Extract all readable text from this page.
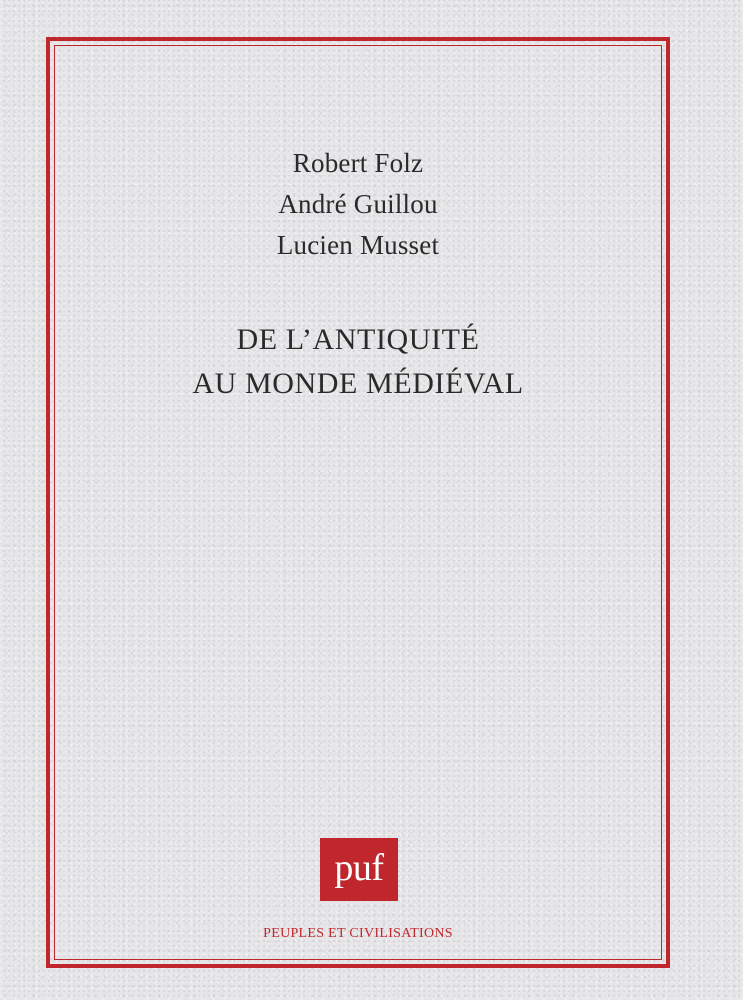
Robert Folz
André Guillou
Lucien Musset
DE L’ANTIQUITÉ
AU MONDE MÉDIÉVAL
puf
PEUPLES ET CIVILISATIONS
